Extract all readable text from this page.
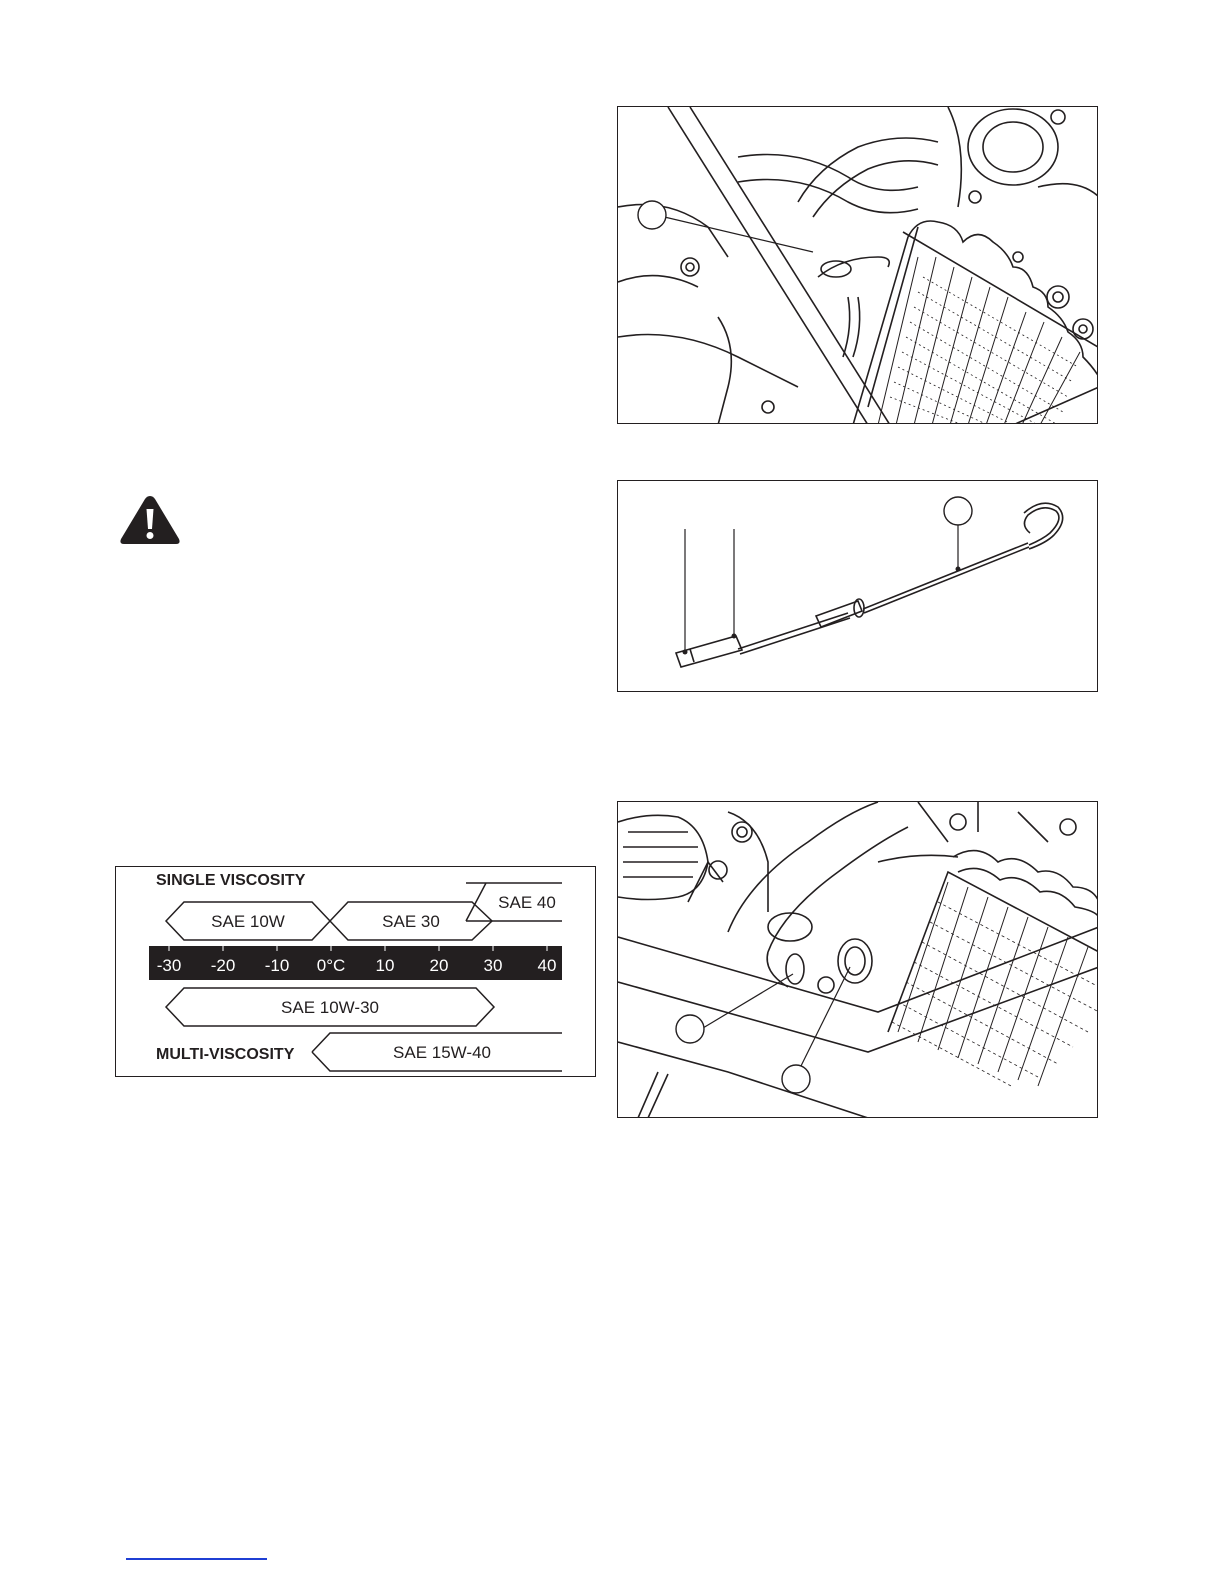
-30 -20 -10 0°C 10 20 30 40
SAE 10W	SAE 30
SAE 40
SAE 10W-30
SAE 15W-40
SINGLE VISCOSITY
MULTI-VISCOSITY
